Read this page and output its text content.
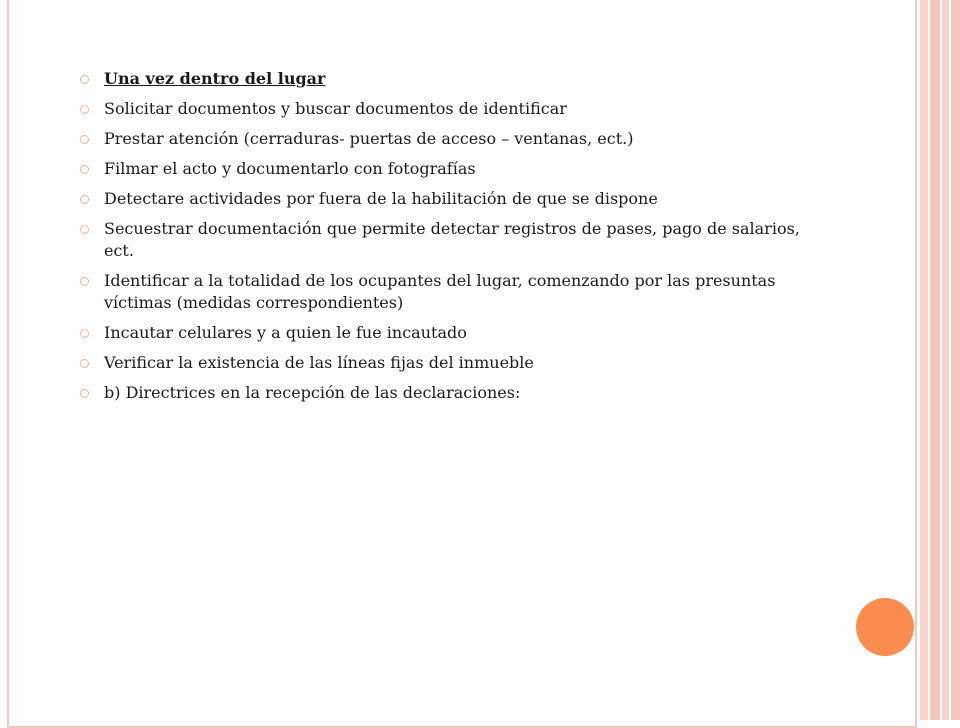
Una vez dentro del lugar
Solicitar documentos y buscar documentos de identificar
Prestar atención (cerraduras- puertas de acceso – ventanas, ect.)
Filmar el acto y documentarlo con fotografías
Detectare actividades por fuera de la habilitación de que se dispone
Secuestrar documentación que permite detectar registros de pases, pago de salarios, ect.
Identificar a la totalidad de los ocupantes del lugar, comenzando por las presuntas víctimas (medidas correspondientes)
Incautar celulares y a quien le fue incautado
Verificar la existencia de las líneas fijas del inmueble
b) Directrices en la recepción de las declaraciones:
